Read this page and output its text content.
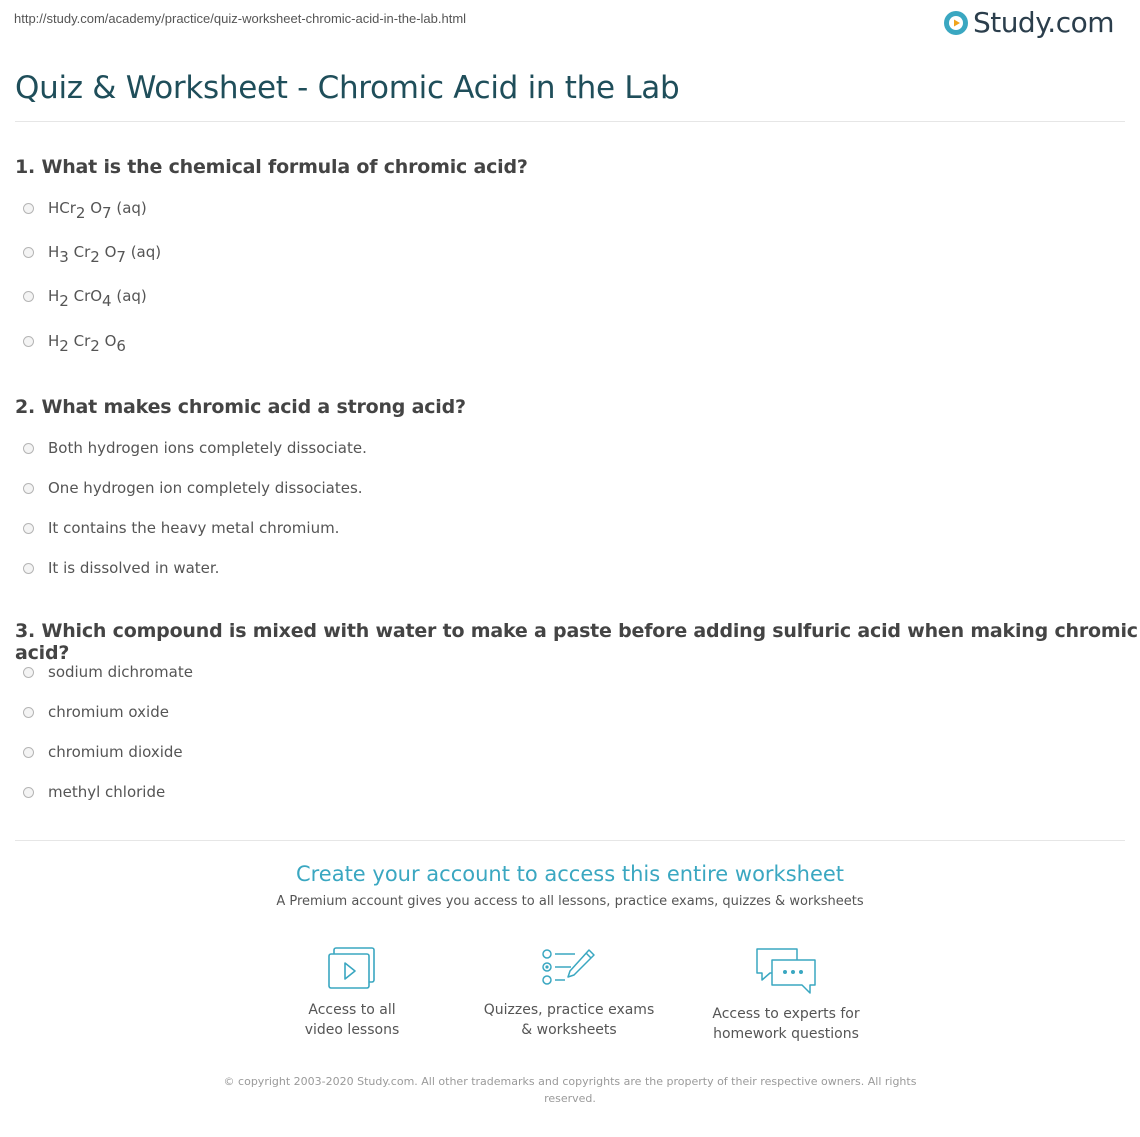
http://study.com/academy/practice/quiz-worksheet-chromic-acid-in-the-lab.html	Study.com
Quiz & Worksheet - Chromic Acid in the Lab
1. What is the chemical formula of chromic acid?
HCr$_2$ $O_7$ (aq)
$H_3$ $Cr_2$ $O_7$ (aq)
$H_2$ CrO$_4$ (aq)
$H_2$ $Cr_2$ $O_6$
2. What makes chromic acid a strong acid?
Both hydrogen ions completely dissociate.
One hydrogen ion completely dissociates.
It contains the heavy metal chromium.
It is dissolved in water.
3. Which compound is mixed with water to make a paste before adding sulfuric acid when making chromic acid?
sodium dichromate
chromium oxide
chromium dioxide
methyl chloride
Create your account to access this entire worksheet
A Premium account gives you access to all lessons, practice exams, quizzes & worksheets
Access to all
video lessons
Quizzes, practice exams
& worksheets
Access to experts for
homework questions
© copyright 2003-2020 Study.com. All other trademarks and copyrights are the property of their respective owners. All rights reserved.
